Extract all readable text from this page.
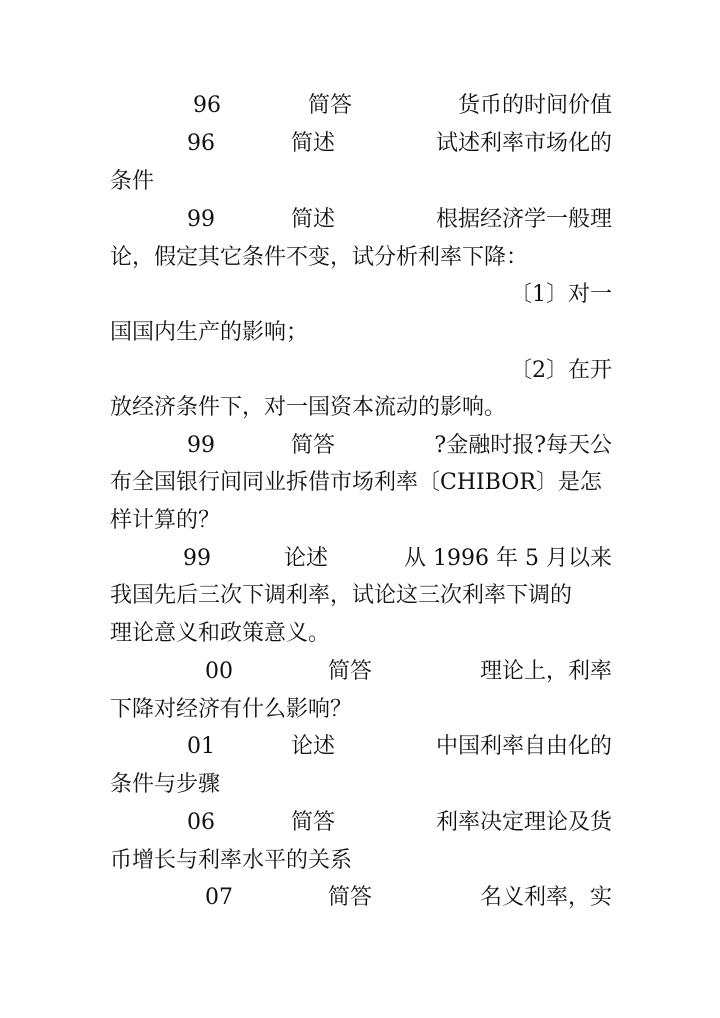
96	简答	货币的时间价值
96	简述	试述利率市场化的
条件
99	简述	根据经济学一般理
论，假定其它条件不变，试分析利率下降：
〔1〕对一
国国内生产的影响；
〔2〕在开
放经济条件下，对一国资本流动的影响。
99	简答	?金融时报?每天公
布全国银行间同业拆借市场利率〔CHIBOR〕是怎
样计算的？
99	论述	从 1996 年 5 月以来
我国先后三次下调利率，试论这三次利率下调的
理论意义和政策意义。
00	简答	理论上，利率
下降对经济有什么影响？
01	论述	中国利率自由化的
条件与步骤
06	简答	利率决定理论及货
币增长与利率水平的关系
07	简答	名义利率，实
